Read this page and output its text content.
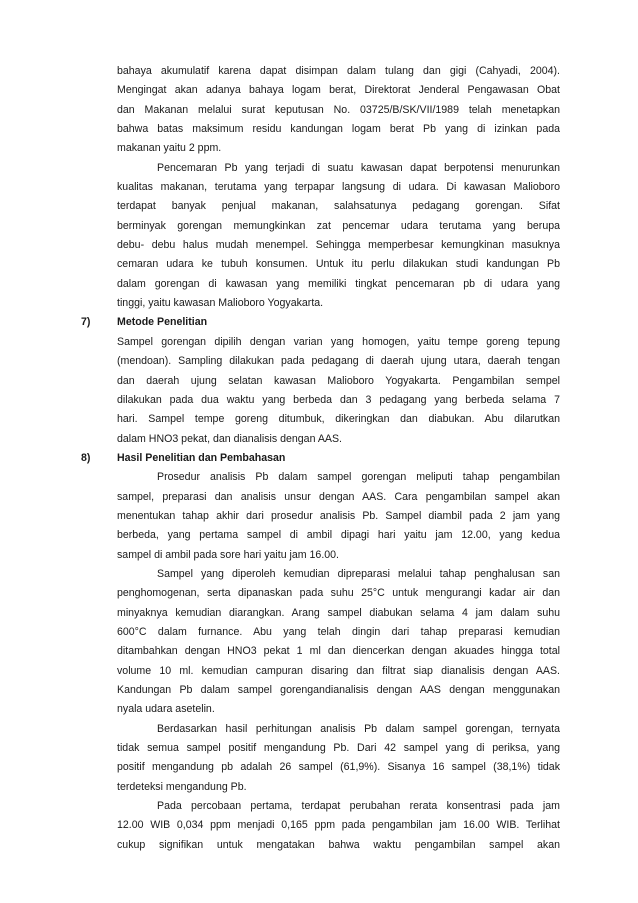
bahaya akumulatif karena dapat disimpan dalam tulang dan gigi (Cahyadi, 2004).
Mengingat akan adanya bahaya logam berat, Direktorat Jenderal Pengawasan Obat
dan Makanan melalui surat keputusan No. 03725/B/SK/VII/1989 telah menetapkan
bahwa batas maksimum residu kandungan logam berat Pb yang di izinkan pada
makanan yaitu 2 ppm.
Pencemaran Pb yang terjadi di suatu kawasan dapat berpotensi menurunkan
kualitas makanan, terutama yang terpapar langsung di udara. Di kawasan Malioboro
terdapat banyak penjual makanan, salahsatunya pedagang gorengan. Sifat
berminyak gorengan memungkinkan zat pencemar udara terutama yang berupa
debu- debu halus mudah menempel. Sehingga memperbesar kemungkinan masuknya
cemaran udara ke tubuh konsumen. Untuk itu perlu dilakukan studi kandungan Pb
dalam gorengan di kawasan yang memiliki tingkat pencemaran pb di udara yang
tinggi, yaitu kawasan Malioboro Yogyakarta.
7)	Metode Penelitian
Sampel gorengan dipilih dengan varian yang homogen, yaitu tempe goreng tepung
(mendoan). Sampling dilakukan pada pedagang di daerah ujung utara, daerah tengan
dan daerah ujung selatan kawasan Malioboro Yogyakarta. Pengambilan sempel
dilakukan pada dua waktu yang berbeda dan 3 pedagang yang berbeda selama 7
hari. Sampel tempe goreng ditumbuk, dikeringkan dan diabukan. Abu dilarutkan
dalam HNO3 pekat, dan dianalisis dengan AAS.
8)	Hasil Penelitian dan Pembahasan
Prosedur analisis Pb dalam sampel gorengan meliputi tahap pengambilan
sampel, preparasi dan analisis unsur dengan AAS. Cara pengambilan sampel akan
menentukan tahap akhir dari prosedur analisis Pb. Sampel diambil pada 2 jam yang
berbeda, yang pertama sampel di ambil dipagi hari yaitu jam 12.00, yang kedua
sampel di ambil pada sore hari yaitu jam 16.00.
Sampel yang diperoleh kemudian dipreparasi melalui tahap penghalusan san
penghomogenan, serta dipanaskan pada suhu 25°C untuk mengurangi kadar air dan
minyaknya kemudian diarangkan. Arang sampel diabukan selama 4 jam dalam suhu
600°C dalam furnance. Abu yang telah dingin dari tahap preparasi kemudian
ditambahkan dengan HNO3 pekat 1 ml dan diencerkan dengan akuades hingga total
volume 10 ml. kemudian campuran disaring dan filtrat siap dianalisis dengan AAS.
Kandungan Pb dalam sampel gorengandianalisis dengan AAS dengan menggunakan
nyala udara asetelin.
Berdasarkan hasil perhitungan analisis Pb dalam sampel gorengan, ternyata
tidak semua sampel positif mengandung Pb. Dari 42 sampel yang di periksa, yang
positif mengandung pb adalah 26 sampel (61,9%). Sisanya 16 sampel (38,1%) tidak
terdeteksi mengandung Pb.
Pada percobaan pertama, terdapat perubahan rerata konsentrasi pada jam
12.00 WIB 0,034 ppm menjadi 0,165 ppm pada pengambilan jam 16.00 WIB. Terlihat
cukup signifikan untuk mengatakan bahwa waktu pengambilan sampel akan
